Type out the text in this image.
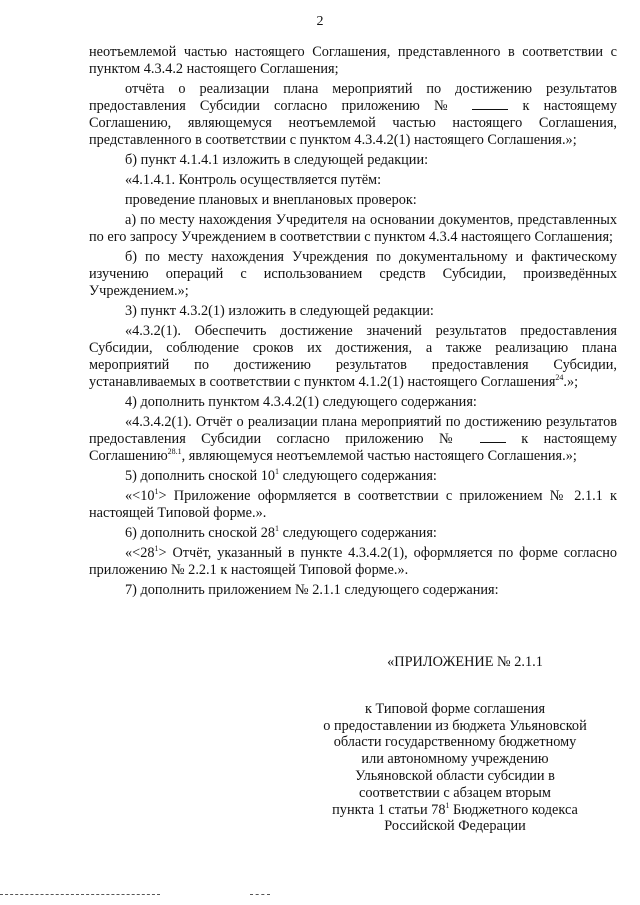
2
неотъемлемой частью настоящего Соглашения, представленного в соответствии с пунктом 4.3.4.2 настоящего Соглашения;
отчёта о реализации плана мероприятий по достижению результатов предоставления Субсидии согласно приложению №	к настоящему Соглашению, являющемуся неотъемлемой частью настоящего Соглашения, представленного в соответствии с пунктом 4.3.4.2(1) настоящего Соглашения.»;
б) пункт 4.1.4.1 изложить в следующей редакции:
«4.1.4.1. Контроль осуществляется путём:
проведение плановых и внеплановых проверок:
а) по месту нахождения Учредителя на основании документов, представленных по его запросу Учреждением в соответствии с пунктом 4.3.4 настоящего Соглашения;
б) по месту нахождения Учреждения по документальному и фактическому изучению операций с использованием средств Субсидии, произведённых Учреждением.»;
3) пункт 4.3.2(1) изложить в следующей редакции:
«4.3.2(1). Обеспечить достижение значений результатов предоставления Субсидии, соблюдение сроков их достижения, а также реализацию плана мероприятий по достижению результатов предоставления Субсидии, устанавливаемых в соответствии с пунктом 4.1.2(1) настоящего Соглашения$^{24}$.»;
4) дополнить пунктом 4.3.4.2(1) следующего содержания:
«4.3.4.2(1). Отчёт о реализации плана мероприятий по достижению результатов предоставления Субсидии согласно приложению №  к настоящему Соглашению$^{28.1}$, являющемуся неотъемлемой частью настоящего Соглашения.»;
5) дополнить сноской $10^1$ следующего содержания:
«$<10^1>$ Приложение оформляется в соответствии с приложением № 2.1.1 к настоящей Типовой форме.».
6) дополнить сноской $28^1$ следующего содержания:
«$<28^1>$ Отчёт, указанный в пункте 4.3.4.2(1), оформляется по форме согласно приложению № 2.2.1 к настоящей Типовой форме.».
7) дополнить приложением № 2.1.1 следующего содержания:
«ПРИЛОЖЕНИЕ № 2.1.1
к Типовой форме соглашения
о предоставлении из бюджета Ульяновской
области государственному бюджетному
или автономному учреждению
Ульяновской области субсидии в
соответствии с абзацем вторым
пункта 1 статьи $78^1$ Бюджетного кодекса
Российской Федерации
